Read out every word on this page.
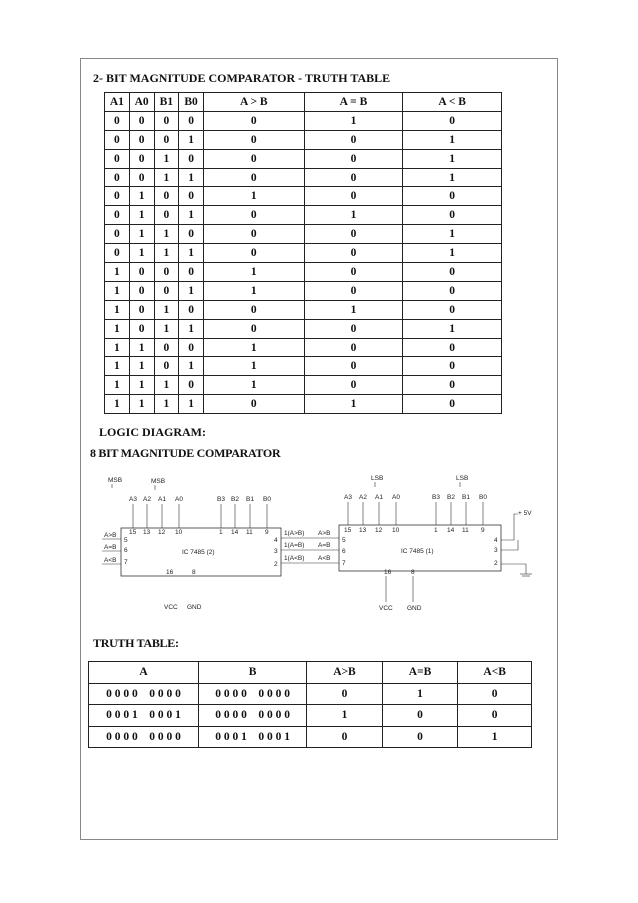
2- BIT MAGNITUDE COMPARATOR - TRUTH TABLE
A1	A0	B1	B0	A > B	A = B	A < B
0	0	0	0	0	1	0
0	0	0	1	0	0	1
0	0	1	0	0	0	1
0	0	1	1	0	0	1
0	1	0	0	1	0	0
0	1	0	1	0	1	0
0	1	1	0	0	0	1
0	1	1	1	0	0	1
1	0	0	0	1	0	0
1	0	0	1	1	0	0
1	0	1	0	0	1	0
1	0	1	1	0	0	1
1	1	0	0	1	0	0
1	1	0	1	1	0	0
1	1	1	0	1	0	0
1	1	1	1	0	1	0
LOGIC DIAGRAM:
8 BIT MAGNITUDE COMPARATOR
MSB	MSB
A3 A2 A1 A0	B3 B2 B1 B0
15 13 12 10	1 14 11 9
A>B
A=B
A<B
5
6
7
IC 7485 (2)
4
3
2
16	8
VCC GND
1(A>B)
1(A=B)
1(A<B)
A>B
A=B
A<B
LSB	LSB
A3 A2 A1 A0	B3 B2 B1 B0
15 13 12 10	1 14 11 9
5
6
7
IC 7485 (1)
4
3
2
16	8
VCC GND
+ 5V
TRUTH TABLE:
A	B	A>B	A=B	A<B
0 0 0 0    0 0 0 0	0 0 0 0    0 0 0 0	0	1	0
0 0 0 1    0 0 0 1	0 0 0 0    0 0 0 0	1	0	0
0 0 0 0    0 0 0 0	0 0 0 1    0 0 0 1	0	0	1
